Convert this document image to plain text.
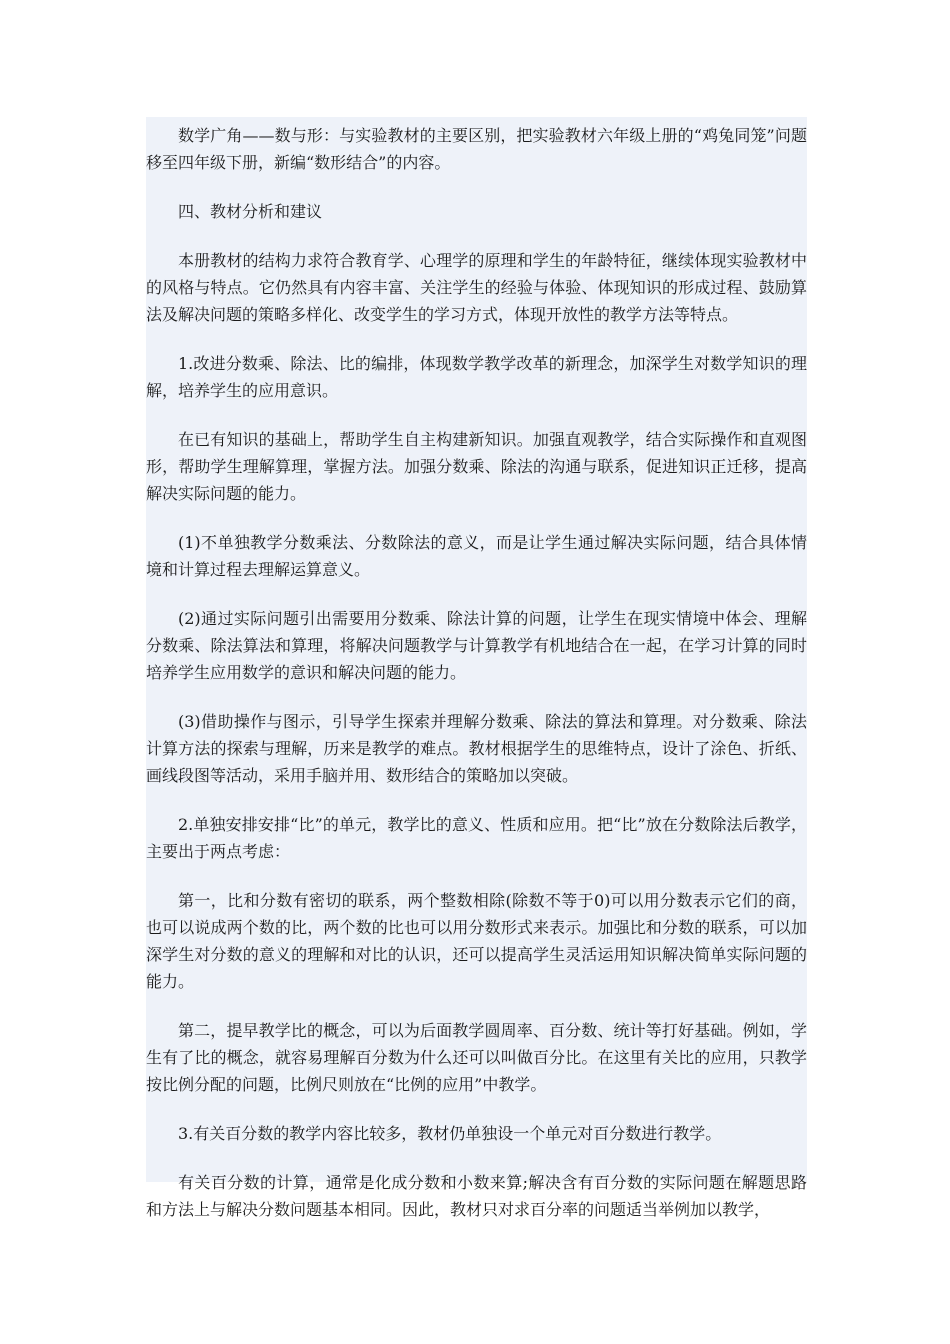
数学广角——数与形：与实验教材的主要区别，把实验教材六年级上册的“鸡兔同笼”问题移至四年级下册，新编“数形结合”的内容。

四、教材分析和建议

本册教材的结构力求符合教育学、心理学的原理和学生的年龄特征，继续体现实验教材中的风格与特点。它仍然具有内容丰富、关注学生的经验与体验、体现知识的形成过程、鼓励算法及解决问题的策略多样化、改变学生的学习方式，体现开放性的教学方法等特点。

1.改进分数乘、除法、比的编排，体现数学教学改革的新理念，加深学生对数学知识的理解，培养学生的应用意识。

在已有知识的基础上，帮助学生自主构建新知识。加强直观教学，结合实际操作和直观图形，帮助学生理解算理，掌握方法。加强分数乘、除法的沟通与联系，促进知识正迁移，提高解决实际问题的能力。

(1)不单独教学分数乘法、分数除法的意义，而是让学生通过解决实际问题，结合具体情境和计算过程去理解运算意义。

(2)通过实际问题引出需要用分数乘、除法计算的问题，让学生在现实情境中体会、理解分数乘、除法算法和算理，将解决问题教学与计算教学有机地结合在一起，在学习计算的同时培养学生应用数学的意识和解决问题的能力。

(3)借助操作与图示，引导学生探索并理解分数乘、除法的算法和算理。对分数乘、除法计算方法的探索与理解，历来是教学的难点。教材根据学生的思维特点，设计了涂色、折纸、画线段图等活动，采用手脑并用、数形结合的策略加以突破。

2.单独安排安排“比”的单元，教学比的意义、性质和应用。把“比”放在分数除法后教学，主要出于两点考虑：

第一，比和分数有密切的联系，两个整数相除(除数不等于0)可以用分数表示它们的商，也可以说成两个数的比，两个数的比也可以用分数形式来表示。加强比和分数的联系，可以加深学生对分数的意义的理解和对比的认识，还可以提高学生灵活运用知识解决简单实际问题的能力。

第二，提早教学比的概念，可以为后面教学圆周率、百分数、统计等打好基础。例如，学生有了比的概念，就容易理解百分数为什么还可以叫做百分比。在这里有关比的应用，只教学按比例分配的问题，比例尺则放在“比例的应用”中教学。

3.有关百分数的教学内容比较多，教材仍单独设一个单元对百分数进行教学。

有关百分数的计算，通常是化成分数和小数来算;解决含有百分数的实际问题在解题思路和方法上与解决分数问题基本相同。因此，教材只对求百分率的问题适当举例加以教学，
